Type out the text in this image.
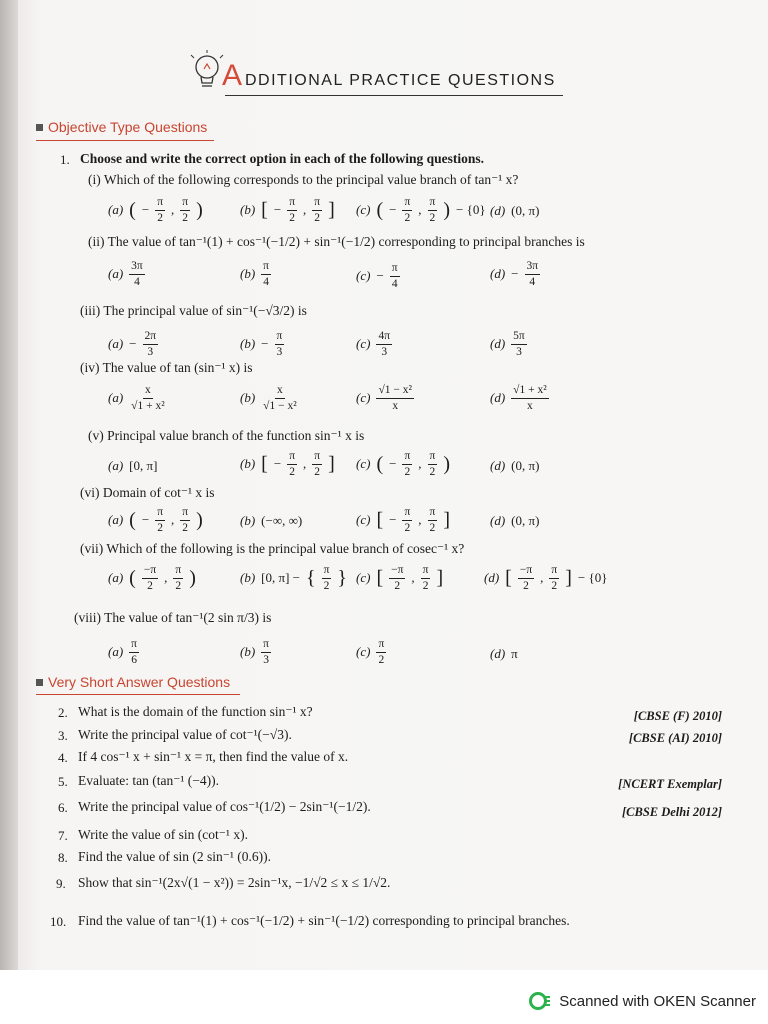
A DDITIONAL PRACTICE QUESTIONS
Objective Type Questions
1. Choose and write the correct option in each of the following questions.
(i) Which of the following corresponds to the principal value branch of tan⁻¹ x?
(a) ( − $\frac{\pi}{2}$ , $\frac{\pi}{2}$ )	(b) [ − $\frac{\pi}{2}$ , $\frac{\pi}{2}$ ] (c) ( − $\frac{\pi}{2}$ , $\frac{\pi}{2}$ ) − {0} (d) (0, π)
(ii) The value of tan⁻¹(1) + cos⁻¹(−1/2) + sin⁻¹(−1/2) corresponding to principal branches is
$(a) \frac{3\pi}{4}$	$(b) \frac{\pi}{4}$	$(c) - \frac{\pi}{4}$	$(d) - \frac{3\pi}{4}$
(iii) The principal value of sin⁻¹(−√3/2) is
$(a) - \frac{2\pi}{3}$	$(b) - \frac{\pi}{3}$	$(c) \frac{4\pi}{3}$	$(d) \frac{5\pi}{3}$
(iv) The value of tan (sin⁻¹ x) is
$(a) \frac{x}{\text{√1 + x²}}$	$(b) \frac{x}{\text{√1 − x²}}$	$(c) \frac{\text{√1 − x²}}{x}$	$(d) \frac{\text{√1 + x²}}{x}$
(v) Principal value branch of the function sin⁻¹ x is
(a) [0, π]	(b) [ − $\frac{\pi}{2}$ , $\frac{\pi}{2}$ ] (c) ( − $\frac{\pi}{2}$ , $\frac{\pi}{2}$ )	(d) (0, π)
(vi) Domain of cot⁻¹ x is
(a) ( − $\frac{\pi}{2}$ , $\frac{\pi}{2}$ )	(b) (−∞, ∞)	(c) [ − $\frac{\pi}{2}$ , $\frac{\pi}{2}$ ]	(d) (0, π)
(vii) Which of the following is the principal value branch of cosec⁻¹ x?
(a) ( $\frac{-\pi}{2}$ , $\frac{\pi}{2}$ )	(b) [0, π] − { $\frac{\pi}{2}$ } (c) [ $\frac{-\pi}{2}$ , $\frac{\pi}{2}$ ]	(d) [ $\frac{-\pi}{2}$ , $\frac{\pi}{2}$ ] − {0}
(viii) The value of tan⁻¹(2 sin π/3) is
$(a) \frac{\pi}{6}$	$(b) \frac{\pi}{3}$	$(c) \frac{\pi}{2}$	(d) π
Very Short Answer Questions
2. What is the domain of the function sin⁻¹ x?	[CBSE (F) 2010]
3. Write the principal value of cot⁻¹(−√3).	[CBSE (AI) 2010]
4. If 4 cos⁻¹ x + sin⁻¹ x = π, then find the value of x.
5. Evaluate: tan (tan⁻¹ (−4)).	[NCERT Exemplar]
6. Write the principal value of cos⁻¹(1/2) − 2sin⁻¹(−1/2).	[CBSE Delhi 2012]
7. Write the value of sin (cot⁻¹ x).
8. Find the value of sin (2 sin⁻¹ (0.6)).
9. Show that sin⁻¹(2x√(1 − x²)) = 2sin⁻¹x, −1/√2 ≤ x ≤ 1/√2.
10. Find the value of tan⁻¹(1) + cos⁻¹(−1/2) + sin⁻¹(−1/2) corresponding to principal branches.
Scanned with OKEN Scanner
